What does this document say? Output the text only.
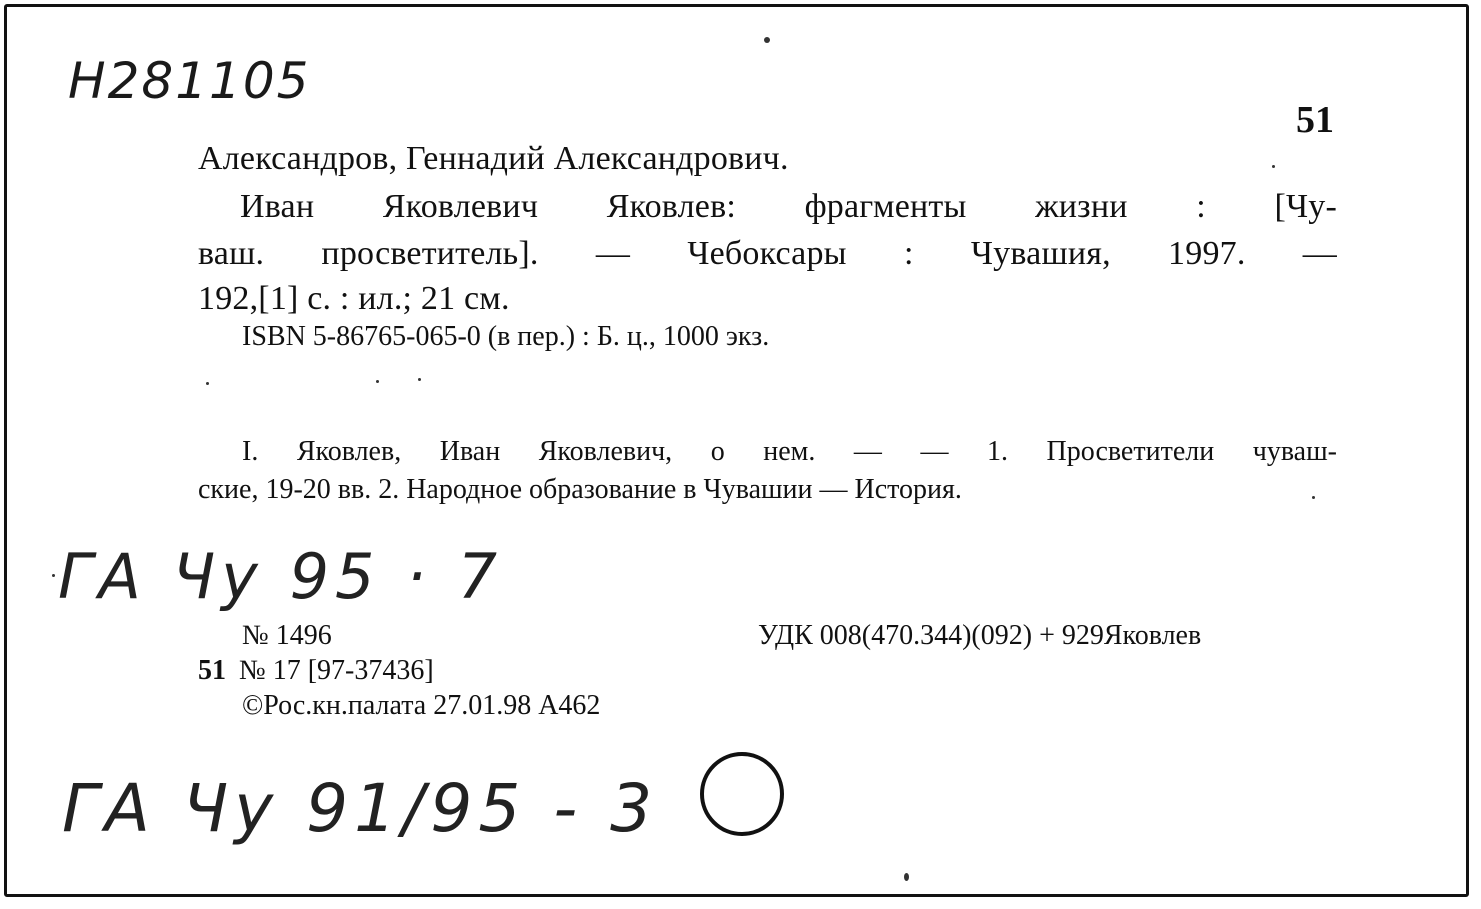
Н281105
51
Александров, Геннадий Александрович.
Иван Яковлевич Яковлев: фрагменты жизни : [Чу-
ваш. просветитель]. — Чебоксары : Чувашия, 1997. —
192,[1] с. : ил.; 21 см.
ISBN 5-86765-065-0 (в пер.) : Б. ц., 1000 экз.
I. Яковлев, Иван Яковлевич, о нем. — — 1. Просветители чуваш-
ские, 19-20 вв. 2. Народное образование в Чувашии — История.
ГА Чу 95 · 7
№ 1496	УДК 008(470.344)(092) + 929Яковлев
51 № 17 [97-37436]
©Рос.кн.палата 27.01.98 А462
ГА Чу 91/95 - 3
